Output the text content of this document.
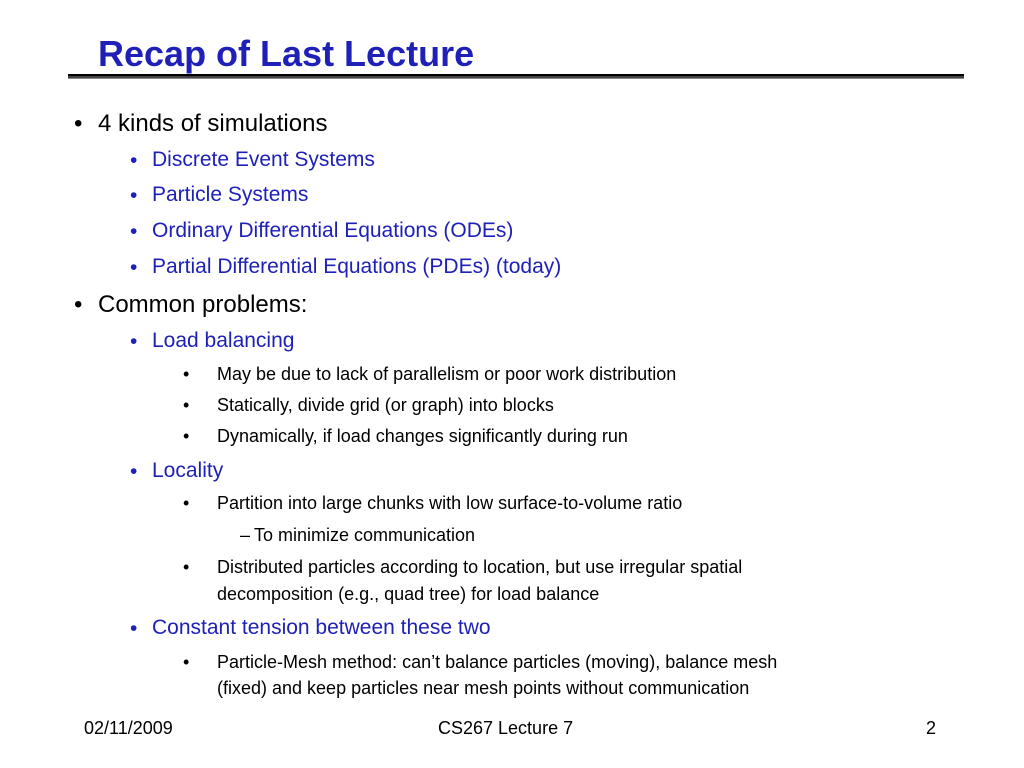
Recap of Last Lecture
• 4 kinds of simulations
• Discrete Event Systems
• Particle Systems
• Ordinary Differential Equations (ODEs)
• Partial Differential Equations (PDEs) (today)
• Common problems:
• Load balancing
• May be due to lack of parallelism or poor work distribution
• Statically, divide grid (or graph) into blocks
• Dynamically, if load changes significantly during run
• Locality
• Partition into large chunks with low surface-to-volume ratio
– To minimize communication
• Distributed particles according to location, but use irregular spatial
decomposition (e.g., quad tree) for load balance
• Constant tension between these two
• Particle-Mesh method: can’t balance particles (moving), balance mesh
(fixed) and keep particles near mesh points without communication
02/11/2009	CS267 Lecture 7	2
